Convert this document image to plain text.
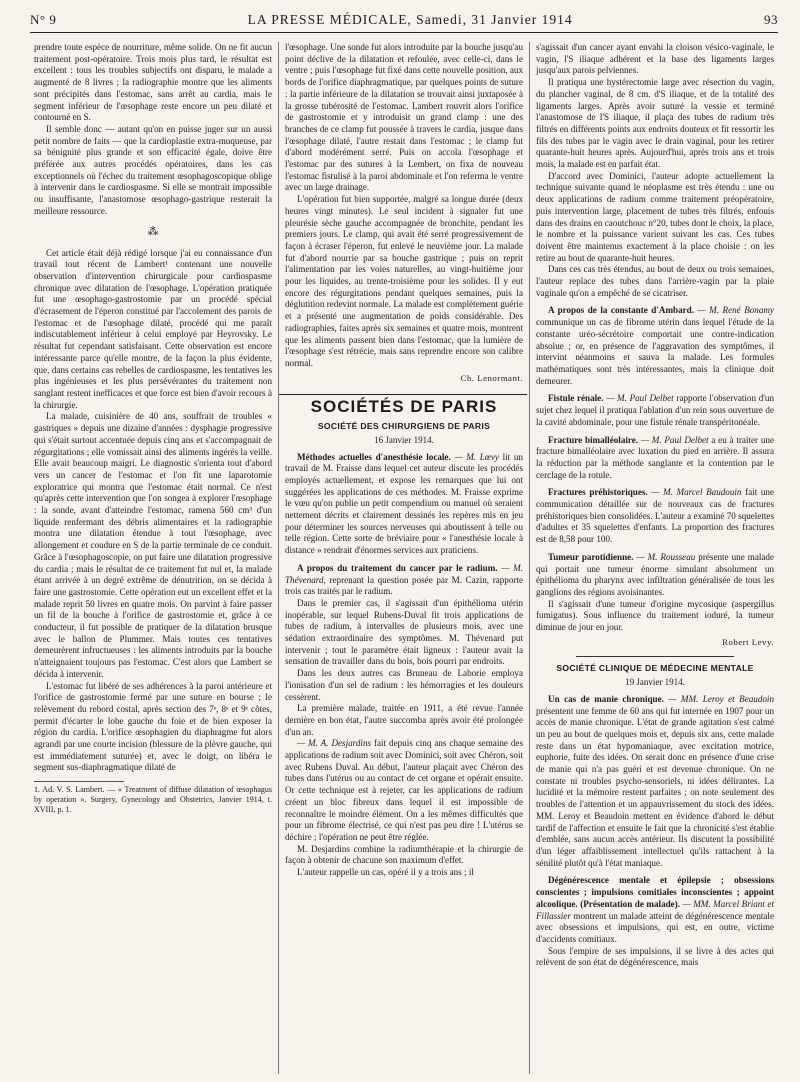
N° 9	LA PRESSE MÉDICALE, Samedi, 31 Janvier 1914	93

prendre toute espèce de nourriture, même solide. On ne fit aucun traitement post-opératoire. Trois mois plus tard, le résultat est excellent : tous les troubles subjectifs ont disparu, le malade a augmenté de 8 livres ; la radiographie montre que les aliments sont précipités dans l'estomac, sans arrêt au cardia, mais le segment inférieur de l'œsophage reste encore un peu dilaté et contourné en S.

Il semble donc — autant qu'on en puisse juger sur un aussi petit nombre de faits — que la cardioplastie extra-muqueuse, par sa bénignité plus grande et son efficacité égale, doive être préférée aux autres procédés opératoires, dans les cas exceptionnels où l'échec du traitement œsophagoscopique oblige à intervenir dans le cardiospasme. Si elle se montrait impossible ou insuffisante, l'anastomose œsophago-gastrique resterait la meilleure ressource.

⁂

Cet article était déjà rédigé lorsque j'ai eu connaissance d'un travail tout récent de Lambert¹ contenant une nouvelle observation d'intervention chirurgicale pour cardiospasme chronique avec dilatation de l'œsophage. L'opération pratiquée fut une œsophago-gastrostomie par un procédé spécial d'écrasement de l'éperon constitué par l'accolement des parois de l'estomac et de l'œsophage dilaté, procédé qui me paraît indiscutablement inférieur à celui employé par Heyrovsky. Le résultat fut cependant satisfaisant. Cette observation est encore intéressante parce qu'elle montre, de la façon la plus évidente, que, dans certains cas rebelles de cardiospasme, les tentatives les plus ingénieuses et les plus persévérantes du traitement non sanglant restent inefficaces et que force est bien d'avoir recours à la chirurgie.

La malade, cuisinière de 40 ans, souffrait de troubles « gastriques » depuis une dizaine d'années : dysphagie progressive qui s'était surtout accentuée depuis cinq ans et s'accompagnait de régurgitations ; elle vomissait ainsi des aliments ingérés la veille. Elle avait beaucoup maigri. Le diagnostic s'orienta tout d'abord vers un cancer de l'estomac et l'on fit une laparotomie exploratrice qui montra que l'estomac était normal. Ce n'est qu'après cette intervention que l'on songea à explorer l'œsophage : la sonde, avant d'atteindre l'estomac, ramena 560 cm³ d'un liquide renfermant des débris alimentaires et la radiographie montra une dilatation étendue à tout l'œsophage, avec allongement et coudure en S de la partie terminale de ce conduit. Grâce à l'œsophagoscopie, on put faire une dilatation progressive du cardia ; mais le résultat de ce traitement fut nul et, la malade étant arrivée à un degré extrême de dénutrition, on se décida à faire une gastrostomie. Cette opération eut un excellent effet et la malade reprit 50 livres en quatre mois. On parvint à faire passer un fil de la bouche à l'orifice de gastrostomie et, grâce à ce conducteur, il fut possible de pratiquer de la dilatation brusque avec le ballon de Plummer. Mais toutes ces tentatives demeurèrent infructueuses : les aliments introduits par la bouche n'atteignaient toujours pas l'estomac. C'est alors que Lambert se décida à intervenir.

L'estomac fut libéré de ses adhérences à la paroi antérieure et l'orifice de gastrostomie fermé par une suture en bourse ; le relèvement du rebord costal, après section des 7ᵉ, 8ᵉ et 9ᵉ côtes, permit d'écarter le lobe gauche du foie et de bien exposer la région du cardia. L'orifice œsophagien du diaphragme fut alors agrandi par une courte incision (blessure de la plèvre gauche, qui est immédiatement suturée) et, avec le doigt, on libéra le segment sus-diaphragmatique dilaté de

1. Ad. V. S. Lambert. — « Treatment of diffuse dilatation of œsophagus by operation ». Surgery, Gynecology and Obstetrics, Janvier 1914, t. XVIII, p. 1.

l'œsophage. Une sonde fut alors introduite par la bouche jusqu'au point déclive de la dilatation et refoulée, avec celle-ci, dans le ventre ; puis l'œsophage fut fixé dans cette nouvelle position, aux bords de l'orifice diaphragmatique, par quelques points de suture : la partie inférieure de la dilatation se trouvait ainsi juxtaposée à la grosse tubérosité de l'estomac. Lambert rouvrit alors l'orifice de gastrostomie et y introduisit un grand clamp : une des branches de ce clamp fut poussée à travers le cardia, jusque dans l'œsophage dilaté, l'autre restait dans l'estomac ; le clamp fut d'abord modérément serré. Puis on accola l'œsophage et l'estomac par des sutures à la Lembert, on fixa de nouveau l'estomac fistulisé à la paroi abdominale et l'on referma le ventre avec un large drainage.

L'opération fut bien supportée, malgré sa longue durée (deux heures vingt minutes). Le seul incident à signaler fut une pleurésie sèche gauche accompagnée de bronchite, pendant les premiers jours. Le clamp, qui avait été serré progressivement de façon à écraser l'éperon, fut enlevé le neuvième jour. La malade fut d'abord nourrie par sa bouche gastrique ; puis on reprit l'alimentation par les voies naturelles, au vingt-huitième jour pour les liquides, au trente-troisième pour les solides. Il y eut encore des régurgitations pendant quelques semaines, puis la déglutition redevint normale. La malade est complètement guérie et a présenté une augmentation de poids considérable. Des radiographies, faites après six semaines et quatre mois, montrent que les aliments passent bien dans l'estomac, que la lumière de l'œsophage s'est rétrécie, mais sans reprendre encore son calibre normal.

Ch. Lenormant.
SOCIÉTÉS DE PARIS
SOCIÉTÉ DES CHIRURGIENS DE PARIS
16 Janvier 1914.

Méthodes actuelles d'anesthésie locale. — M. Lœvy lit un travail de M. Fraisse dans lequel cet auteur discute les procédés employés actuellement, et expose les remarques que lui ont suggérées les applications de ces méthodes. M. Fraisse exprime le vœu qu'on publie un petit compendium ou manuel où seraient nettement décrits et clairement dessinés les repères mis en jeu pour déterminer les sources nerveuses qui aboutissent à telle ou telle région. Cette sorte de bréviaire pour « l'anesthésie locale à distance » rendrait d'énormes services aux praticiens.

A propos du traitement du cancer par le radium. — M. Thévenard, reprenant la question posée par M. Cazin, rapporte trois cas traités par le radium.

Dans le premier cas, il s'agissait d'un épithélioma utérin inopérable, sur lequel Rubens-Duval fit trois applications de tubes de radium, à intervalles de plusieurs mois, avec une sédation extraordinaire des symptômes. M. Thévenard put intervenir ; tout le paramètre était ligneux : l'auteur avait la sensation de travailler dans du bois, bois pourri par endroits.

Dans les deux autres cas Bruneau de Laborie employa l'ionisation d'un sel de radium : les hémorragies et les douleurs cessèrent.

La première malade, traitée en 1911, a été revue l'année dernière en bon état, l'autre succomba après avoir été prolongée d'un an.

— M. A. Desjardins fait depuis cinq ans chaque semaine des applications de radium soit avec Dominici, soit avec Chéron, soit avec Rubens Duval. Au début, l'auteur plaçait avec Chéron des tubes dans l'utérus ou au contact de cet organe et opérait ensuite. Or cette technique est à rejeter, car les applications de radium créent un bloc fibreux dans lequel il est impossible de reconnaître le moindre élément. On a les mêmes difficultés que pour un fibrome électrisé, ce qui n'est pas peu dire ! L'utérus se déchire ; l'opération ne peut être réglée.

M. Desjardins combine la radiumthérapie et la chirurgie de façon à obtenir de chacune son maximum d'effet.

L'auteur rappelle un cas, opéré il y a trois ans ; il

s'agissait d'un cancer ayant envahi la cloison vésico-vaginale, le vagin, l'S iliaque adhérent et la base des ligaments larges jusqu'aux parois pelviennes.

Il pratiqua une hystérectomie large avec résection du vagin, du plancher vaginal, de 8 cm. d'S iliaque, et de la totalité des ligaments larges. Après avoir suturé la vessie et terminé l'anastomose de l'S iliaque, il plaça des tubes de radium très filtrés en différents points aux endroits douteux et fit ressortir les fils des tubes par le vagin avec le drain vaginal, pour les retirer quarante-huit heures après. Aujourd'hui, après trois ans et trois mois, la malade est en parfait état.

D'accord avec Dominici, l'auteur adopte actuellement la technique suivante quand le néoplasme est très étendu : une ou deux applications de radium comme traitement préopératoire, puis intervention large, placement de tubes très filtrés, enfouis dans des drains en caoutchouc n°20, tubes dont le choix, la place, le nombre et la puissance varient suivant les cas. Ces tubes doivent être maintenus exactement à la place choisie : on les retire au bout de quarante-huit heures.

Dans ces cas très étendus, au bout de deux ou trois semaines, l'auteur replace des tubes dans l'arrière-vagin par la plaie vaginale qu'on a empêché de se cicatriser.

A propos de la constante d'Ambard. — M. René Bonamy communique un cas de fibrome utérin dans lequel l'étude de la constante uréo-sécrétoire comportait une contre-indication absolue ; or, en présence de l'aggravation des symptômes, il intervint néanmoins et sauva la malade. Les formules mathématiques sont très intéressantes, mais la clinique doit demeurer.

Fistule rénale. — M. Paul Delbet rapporte l'observation d'un sujet chez lequel il pratiqua l'ablation d'un rein sous ouverture de la cavité abdominale, pour une fistule rénale transpéritonéale.

Fracture bimalléolaire. — M. Paul Delbet a eu à traiter une fracture bimalléolaire avec luxation du pied en arrière. Il assura la réduction par la méthode sanglante et la contention par le cerclage de la rotule.

Fractures préhistoriques. — M. Marcel Baudouin fait une communication détaillée sur de nouveaux cas de fractures préhistoriques bien consolidées. L'auteur a examiné 70 squelettes d'adultes et 35 squelettes d'enfants. La proportion des fractures est de 8,58 pour 100.

Tumeur parotidienne. — M. Rousseau présente une malade qui portait une tumeur énorme simulant absolument un épithélioma du pharynx avec infiltration généralisée de tous les ganglions des régions avoisinantes.

Il s'agissait d'une tumeur d'origine mycosique (aspergillus fumigatus). Sous influence du traitement ioduré, la tumeur diminue de jour en jour.

Robert Levy.
SOCIÉTÉ CLINIQUE DE MÉDECINE MENTALE
19 Janvier 1914.

Un cas de manie chronique. — MM. Leroy et Beaudoin présentent une femme de 60 ans qui fut internée en 1907 pour un accès de manie chronique. L'état de grande agitation s'est calmé un peu au bout de quelques mois et, depuis six ans, cette malade reste dans un état hypomaniaque, avec excitation motrice, euphorie, fuite des idées. On serait donc en présence d'une crise de manie qui n'a pas guéri et est devenue chronique. On ne constate ni troubles psycho-sensoriels, ni idées délirantes. La lucidité et la mémoire restent parfaites ; on note seulement des troubles de l'attention et un appauvrissement du stock des idées. MM. Leroy et Beaudoin mettent en évidence d'abord le début tardif de l'affection et ensuite le fait que la chronicité s'est établie d'emblée, sans aucun accès antérieur. Ils discutent la possibilité d'un léger affaiblissement intellectuel qu'ils rattachent à la sénilité plutôt qu'à l'état maniaque.

Dégénérescence mentale et épilepsie ; obsessions conscientes ; impulsions comitiales inconscientes ; appoint alcoolique. (Présentation de malade). — MM. Marcel Briant et Fillassier montrent un malade atteint de dégénérescence mentale avec obsessions et impulsions, qui est, en outre, victime d'accidents comitiaux.

Sous l'empire de ses impulsions, il se livre à des actes qui relèvent de son état de dégénérescence, mais
